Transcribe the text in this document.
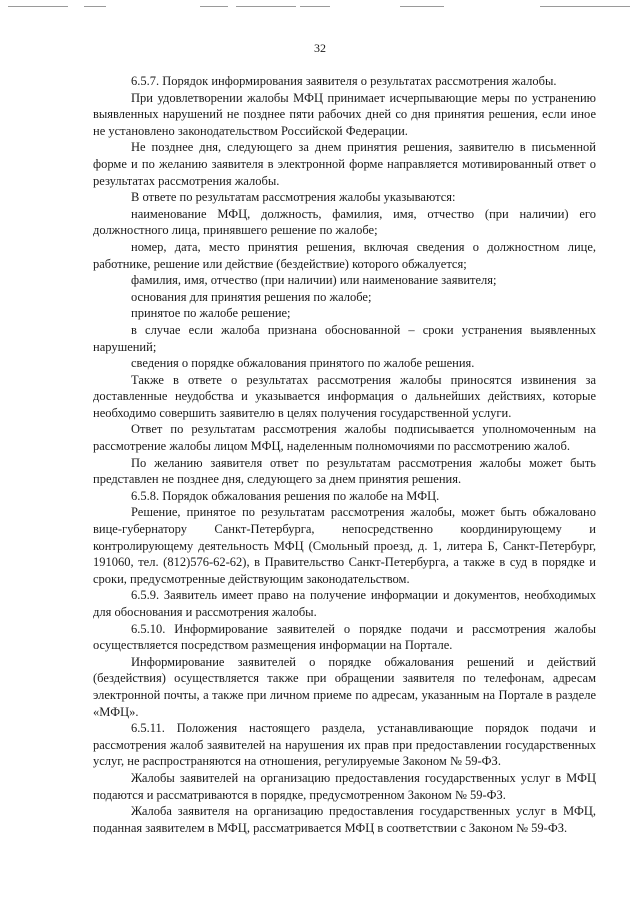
32

6.5.7. Порядок информирования заявителя о результатах рассмотрения жалобы.

При удовлетворении жалобы МФЦ принимает исчерпывающие меры по устранению выявленных нарушений не позднее пяти рабочих дней со дня принятия решения, если иное не установлено законодательством Российской Федерации.

Не позднее дня, следующего за днем принятия решения, заявителю в письменной форме и по желанию заявителя в электронной форме направляется мотивированный ответ о результатах рассмотрения жалобы.

В ответе по результатам рассмотрения жалобы указываются:

наименование МФЦ, должность, фамилия, имя, отчество (при наличии) его должностного лица, принявшего решение по жалобе;

номер, дата, место принятия решения, включая сведения о должностном лице, работнике, решение или действие (бездействие) которого обжалуется;

фамилия, имя, отчество (при наличии) или наименование заявителя;

основания для принятия решения по жалобе;

принятое по жалобе решение;

в случае если жалоба признана обоснованной – сроки устранения выявленных нарушений;

сведения о порядке обжалования принятого по жалобе решения.

Также в ответе о результатах рассмотрения жалобы приносятся извинения за доставленные неудобства и указывается информация о дальнейших действиях, которые необходимо совершить заявителю в целях получения государственной услуги.

Ответ по результатам рассмотрения жалобы подписывается уполномоченным на рассмотрение жалобы лицом МФЦ, наделенным полномочиями по рассмотрению жалоб.

По желанию заявителя ответ по результатам рассмотрения жалобы может быть представлен не позднее дня, следующего за днем принятия решения.

6.5.8. Порядок обжалования решения по жалобе на МФЦ.

Решение, принятое по результатам рассмотрения жалобы, может быть обжаловано вице-губернатору Санкт-Петербурга, непосредственно координирующему и контролирующему деятельность МФЦ (Смольный проезд, д. 1, литера Б, Санкт-Петербург, 191060, тел. (812)576-62-62), в Правительство Санкт-Петербурга, а также в суд в порядке и сроки, предусмотренные действующим законодательством.

6.5.9. Заявитель имеет право на получение информации и документов, необходимых для обоснования и рассмотрения жалобы.

6.5.10. Информирование заявителей о порядке подачи и рассмотрения жалобы осуществляется посредством размещения информации на Портале.

Информирование заявителей о порядке обжалования решений и действий (бездействия) осуществляется также при обращении заявителя по телефонам, адресам электронной почты, а также при личном приеме по адресам, указанным на Портале в разделе «МФЦ».

6.5.11. Положения настоящего раздела, устанавливающие порядок подачи и рассмотрения жалоб заявителей на нарушения их прав при предоставлении государственных услуг, не распространяются на отношения, регулируемые Законом № 59-ФЗ.

Жалобы заявителей на организацию предоставления государственных услуг в МФЦ подаются и рассматриваются в порядке, предусмотренном Законом № 59-ФЗ.

Жалоба заявителя на организацию предоставления государственных услуг в МФЦ, поданная заявителем в МФЦ, рассматривается МФЦ в соответствии с Законом № 59-ФЗ.
